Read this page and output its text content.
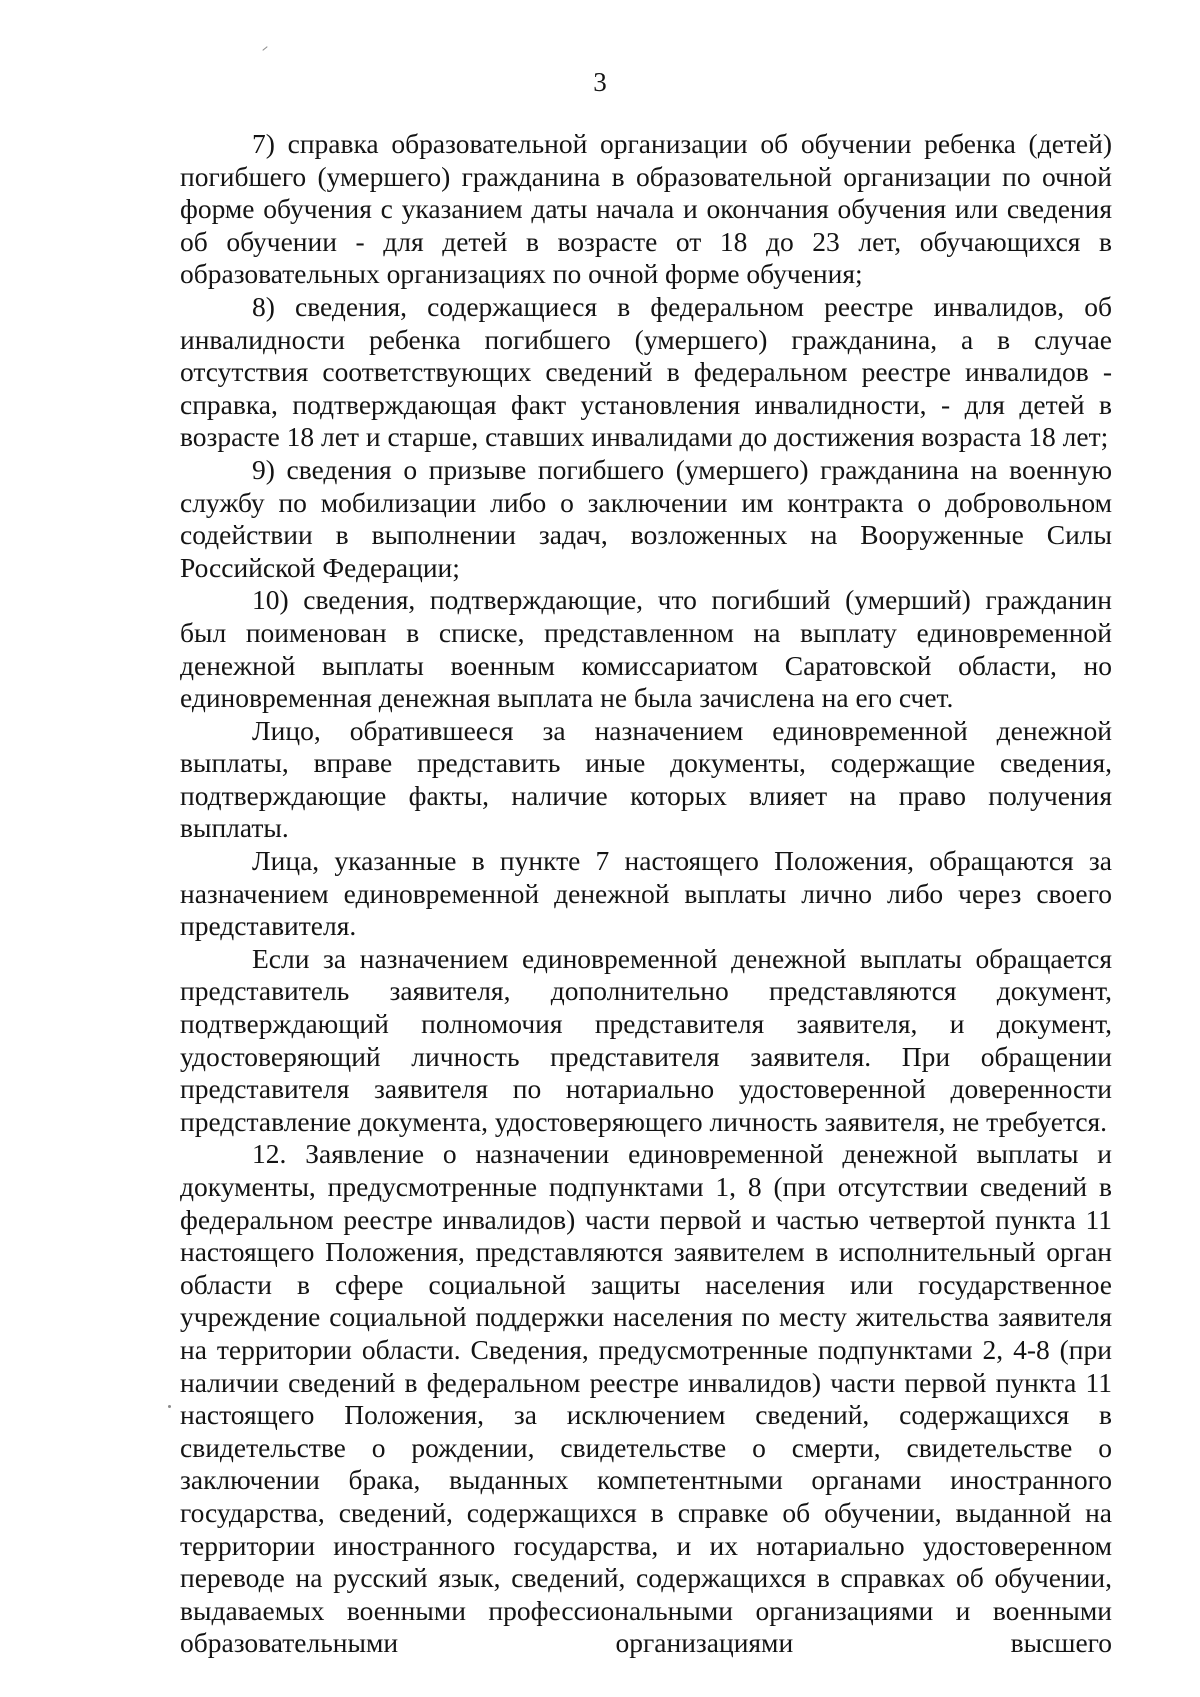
3

7) справка образовательной организации об обучении ребенка (детей) погибшего (умершего) гражданина в образовательной организации по очной форме обучения с указанием даты начала и окончания обучения или сведения об обучении - для детей в возрасте от 18 до 23 лет, обучающихся в образовательных организациях по очной форме обучения;

8) сведения, содержащиеся в федеральном реестре инвалидов, об инвалидности ребенка погибшего (умершего) гражданина, а в случае отсутствия соответствующих сведений в федеральном реестре инвалидов - справка, подтверждающая факт установления инвалидности, - для детей в возрасте 18 лет и старше, ставших инвалидами до достижения возраста 18 лет;

9) сведения о призыве погибшего (умершего) гражданина на военную службу по мобилизации либо о заключении им контракта о добровольном содействии в выполнении задач, возложенных на Вооруженные Силы Российской Федерации;

10) сведения, подтверждающие, что погибший (умерший) гражданин был поименован в списке, представленном на выплату единовременной денежной выплаты военным комиссариатом Саратовской области, но единовременная денежная выплата не была зачислена на его счет.

Лицо, обратившееся за назначением единовременной денежной выплаты, вправе представить иные документы, содержащие сведения, подтверждающие факты, наличие которых влияет на право получения выплаты.

Лица, указанные в пункте 7 настоящего Положения, обращаются за назначением единовременной денежной выплаты лично либо через своего представителя.

Если за назначением единовременной денежной выплаты обращается представитель заявителя, дополнительно представляются документ, подтверждающий полномочия представителя заявителя, и документ, удостоверяющий личность представителя заявителя. При обращении представителя заявителя по нотариально удостоверенной доверенности представление документа, удостоверяющего личность заявителя, не требуется.

12. Заявление о назначении единовременной денежной выплаты и документы, предусмотренные подпунктами 1, 8 (при отсутствии сведений в федеральном реестре инвалидов) части первой и частью четвертой пункта 11 настоящего Положения, представляются заявителем в исполнительный орган области в сфере социальной защиты населения или государственное учреждение социальной поддержки населения по месту жительства заявителя на территории области. Сведения, предусмотренные подпунктами 2, 4-8 (при наличии сведений в федеральном реестре инвалидов) части первой пункта 11 настоящего Положения, за исключением сведений, содержащихся в свидетельстве о рождении, свидетельстве о смерти, свидетельстве о заключении брака, выданных компетентными органами иностранного государства, сведений, содержащихся в справке об обучении, выданной на территории иностранного государства, и их нотариально удостоверенном переводе на русский язык, сведений, содержащихся в справках об обучении, выдаваемых военными профессиональными организациями и военными образовательными организациями высшего
